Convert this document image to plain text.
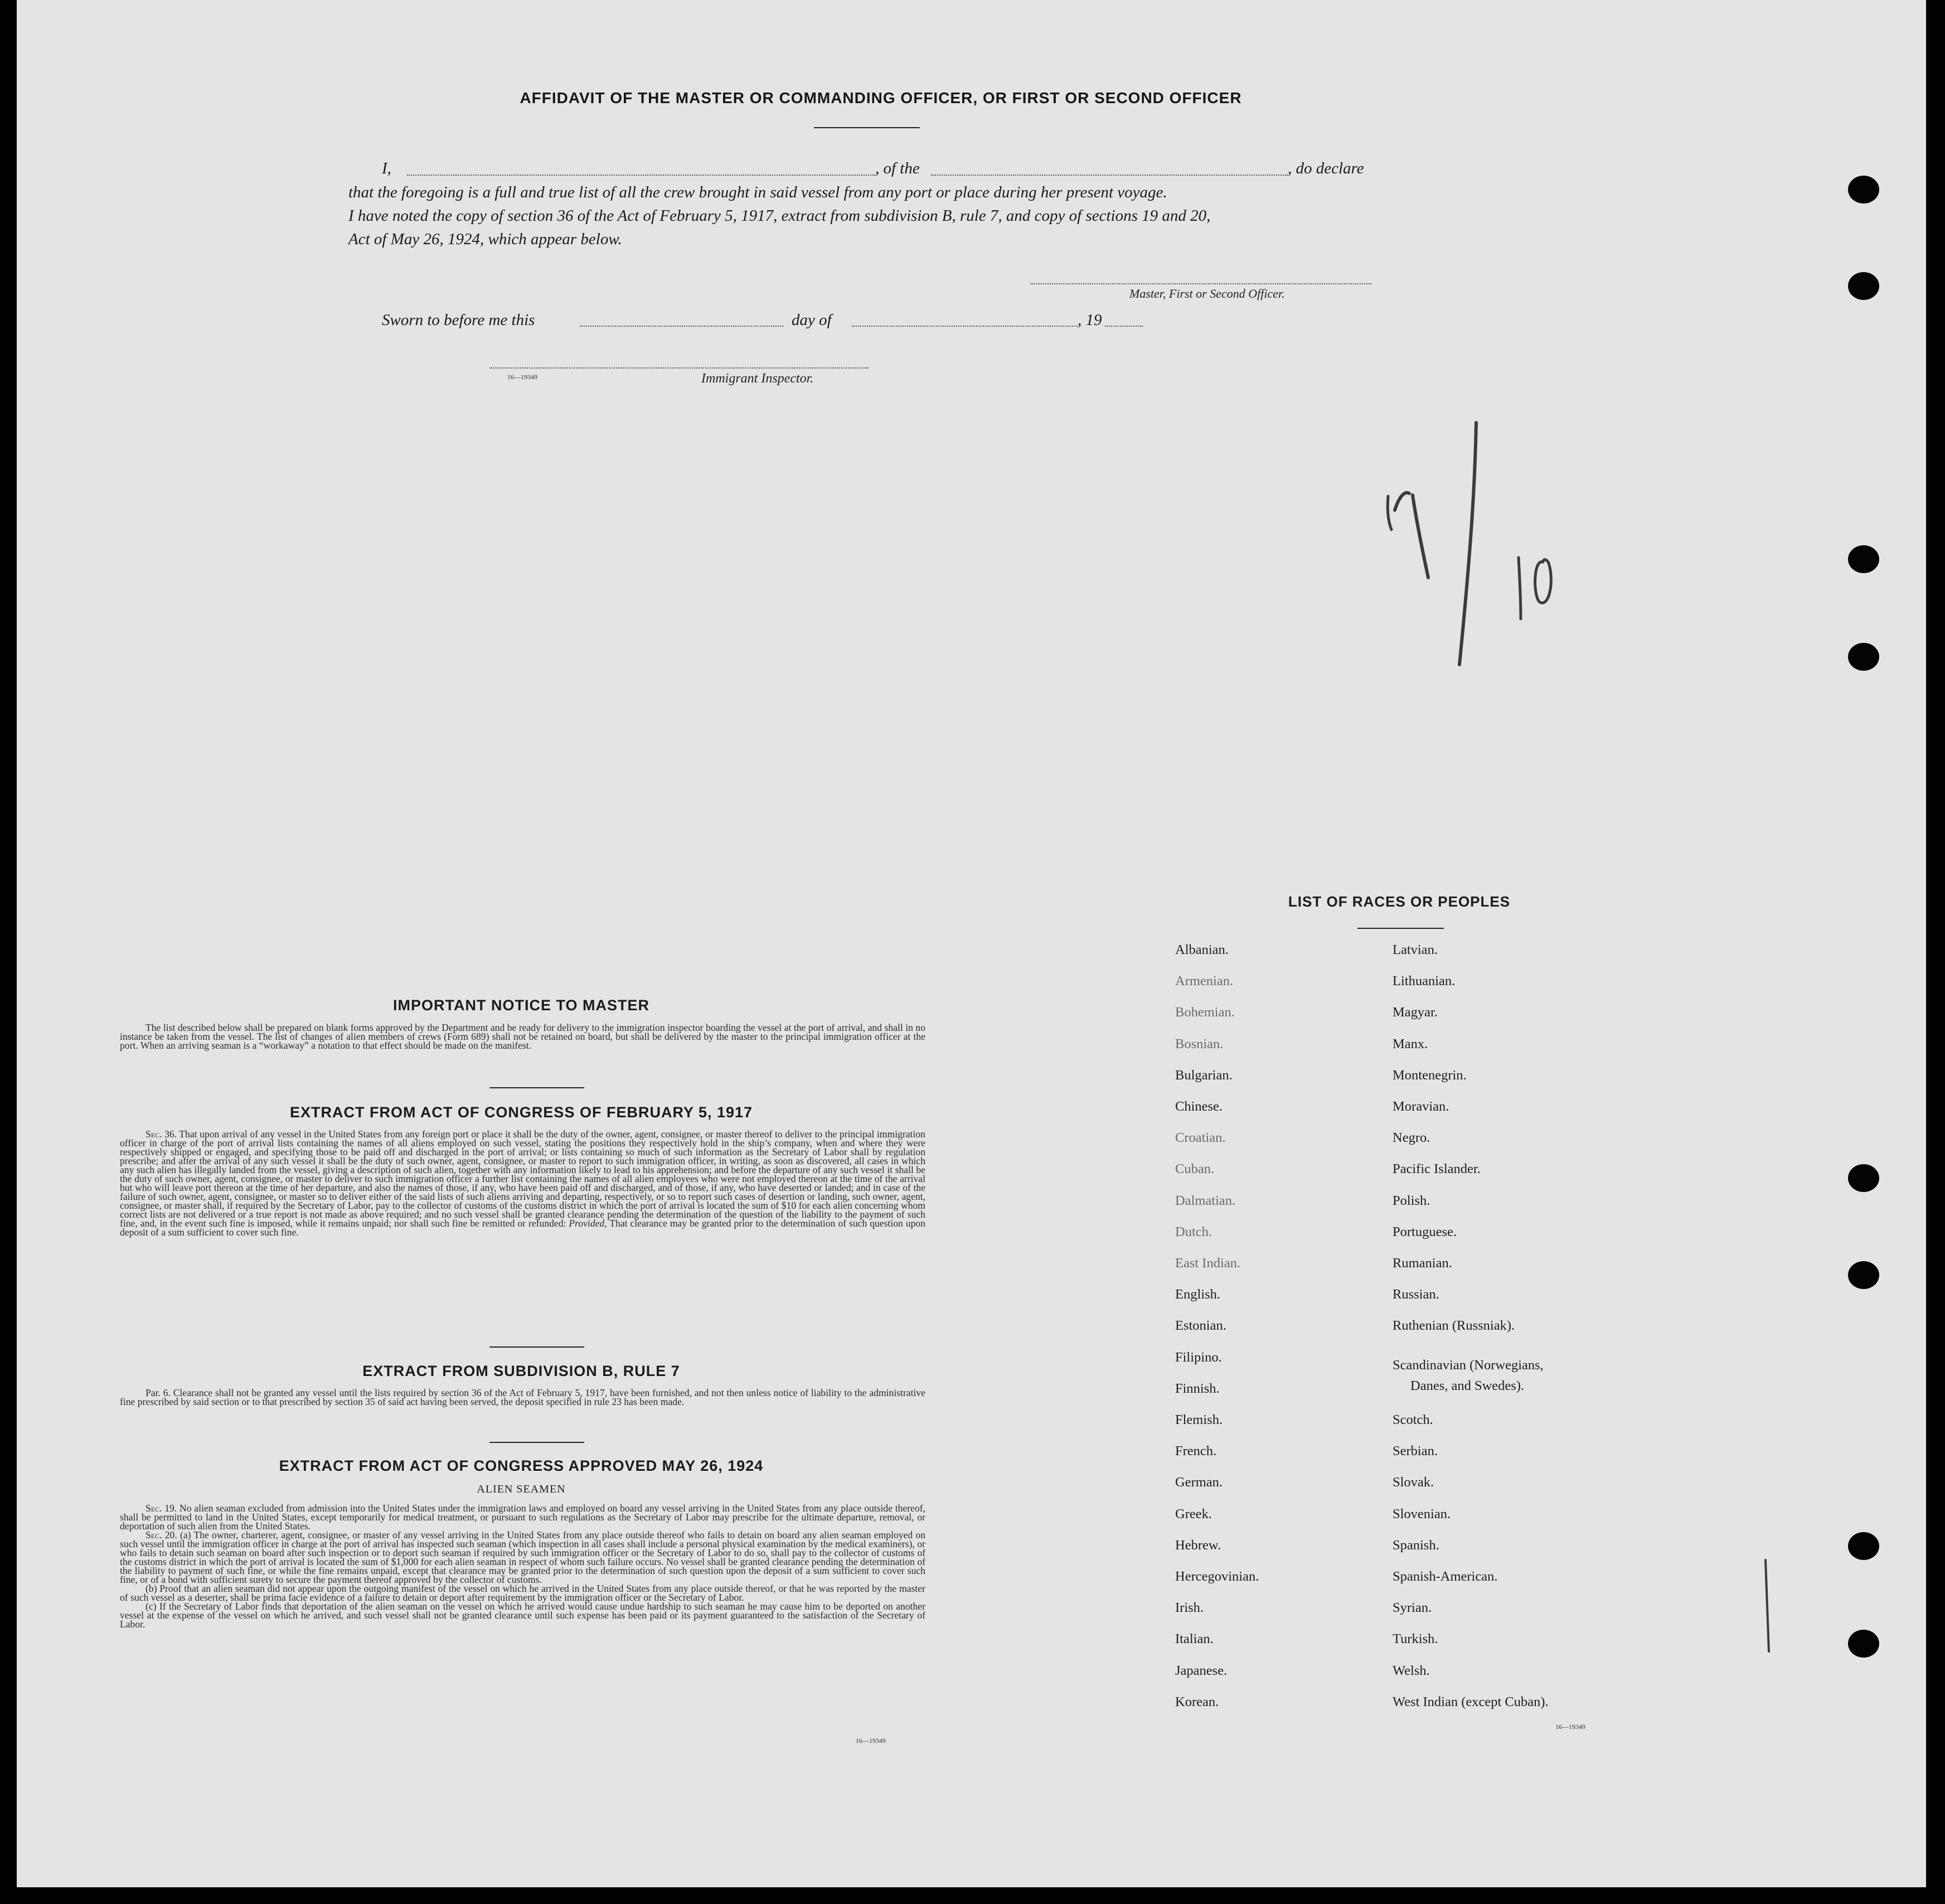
AFFIDAVIT OF THE MASTER OR COMMANDING OFFICER, OR FIRST OR SECOND OFFICER
I,	, of the	, do declare
that the foregoing is a full and true list of all the crew brought in said vessel from any port or place during her present voyage.
I have noted the copy of section 36 of the Act of February 5, 1917, extract from subdivision B, rule 7, and copy of sections 19 and 20,
Act of May 26, 1924, which appear below.
Master, First or Second Officer.
Sworn to before me this	day of	, 19
16—19349	Immigrant Inspector.
IMPORTANT NOTICE TO MASTER

The list described below shall be prepared on blank forms approved by the Department and be ready for delivery to the immigration inspector boarding the vessel at the port of arrival, and shall in no instance be taken from the vessel. The list of changes of alien members of crews (Form 689) shall not be retained on board, but shall be delivered by the master to the principal immigration officer at the port. When an arriving seaman is a “workaway” a notation to that effect should be made on the manifest.

EXTRACT FROM ACT OF CONGRESS OF FEBRUARY 5, 1917

Sec. 36. That upon arrival of any vessel in the United States from any foreign port or place it shall be the duty of the owner, agent, consignee, or master thereof to deliver to the principal immigration officer in charge of the port of arrival lists containing the names of all aliens employed on such vessel, stating the positions they respectively hold in the ship’s company, when and where they were respectively shipped or engaged, and specifying those to be paid off and discharged in the port of arrival; or lists containing so much of such information as the Secretary of Labor shall by regulation prescribe; and after the arrival of any such vessel it shall be the duty of such owner, agent, consignee, or master to report to such immigration officer, in writing, as soon as discovered, all cases in which any such alien has illegally landed from the vessel, giving a description of such alien, together with any information likely to lead to his apprehension; and before the departure of any such vessel it shall be the duty of such owner, agent, consignee, or master to deliver to such immigration officer a further list containing the names of all alien employees who were not employed thereon at the time of the arrival but who will leave port thereon at the time of her departure, and also the names of those, if any, who have been paid off and discharged, and of those, if any, who have deserted or landed; and in case of the failure of such owner, agent, consignee, or master so to deliver either of the said lists of such aliens arriving and departing, respectively, or so to report such cases of desertion or landing, such owner, agent, consignee, or master shall, if required by the Secretary of Labor, pay to the collector of customs of the customs district in which the port of arrival is located the sum of $10 for each alien concerning whom correct lists are not delivered or a true report is not made as above required; and no such vessel shall be granted clearance pending the determination of the question of the liability to the payment of such fine, and, in the event such fine is imposed, while it remains unpaid; nor shall such fine be remitted or refunded: Provided, That clearance may be granted prior to the determination of such question upon deposit of a sum sufficient to cover such fine.

EXTRACT FROM SUBDIVISION B, RULE 7

Par. 6. Clearance shall not be granted any vessel until the lists required by section 36 of the Act of February 5, 1917, have been furnished, and not then unless notice of liability to the administrative fine prescribed by said section or to that prescribed by section 35 of said act having been served, the deposit specified in rule 23 has been made.

EXTRACT FROM ACT OF CONGRESS APPROVED MAY 26, 1924
ALIEN SEAMEN

Sec. 19. No alien seaman excluded from admission into the United States under the immigration laws and employed on board any vessel arriving in the United States from any place outside thereof, shall be permitted to land in the United States, except temporarily for medical treatment, or pursuant to such regulations as the Secretary of Labor may prescribe for the ultimate departure, removal, or deportation of such alien from the United States.

Sec. 20. (a) The owner, charterer, agent, consignee, or master of any vessel arriving in the United States from any place outside thereof who fails to detain on board any alien seaman employed on such vessel until the immigration officer in charge at the port of arrival has inspected such seaman (which inspection in all cases shall include a personal physical examination by the medical examiners), or who fails to detain such seaman on board after such inspection or to deport such seaman if required by such immigration officer or the Secretary of Labor to do so, shall pay to the collector of customs of the customs district in which the port of arrival is located the sum of $1,000 for each alien seaman in respect of whom such failure occurs. No vessel shall be granted clearance pending the determination of the liability to payment of such fine, or while the fine remains unpaid, except that clearance may be granted prior to the determination of such question upon the deposit of a sum sufficient to cover such fine, or of a bond with sufficient surety to secure the payment thereof approved by the collector of customs.

(b) Proof that an alien seaman did not appear upon the outgoing manifest of the vessel on which he arrived in the United States from any place outside thereof, or that he was reported by the master of such vessel as a deserter, shall be prima facie evidence of a failure to detain or deport after requirement by the immigration officer or the Secretary of Labor.

(c) If the Secretary of Labor finds that deportation of the alien seaman on the vessel on which he arrived would cause undue hardship to such seaman he may cause him to be deported on another vessel at the expense of the vessel on which he arrived, and such vessel shall not be granted clearance until such expense has been paid or its payment guaranteed to the satisfaction of the Secretary of Labor.

16—19349
LIST OF RACES OR PEOPLES
Danes, and Swedes).
16—19349
Albanian.
Armenian.
Bohemian.
Bosnian.
Bulgarian.
Chinese.
Croatian.
Cuban.
Dalmatian.
Dutch.
East Indian.
English.
Estonian.
Filipino.
Finnish.
Flemish.
French.
German.
Greek.
Hebrew.
Hercegovinian.
Irish.
Italian.
Japanese.
Korean.
Latvian.
Lithuanian.
Magyar.
Manx.
Montenegrin.
Moravian.
Negro.
Pacific Islander.
Polish.
Portuguese.
Rumanian.
Russian.
Ruthenian (Russniak).
Scandinavian (Norwegians,
Scotch.
Serbian.
Slovak.
Slovenian.
Spanish.
Spanish-American.
Syrian.
Turkish.
Welsh.
West Indian (except Cuban).
